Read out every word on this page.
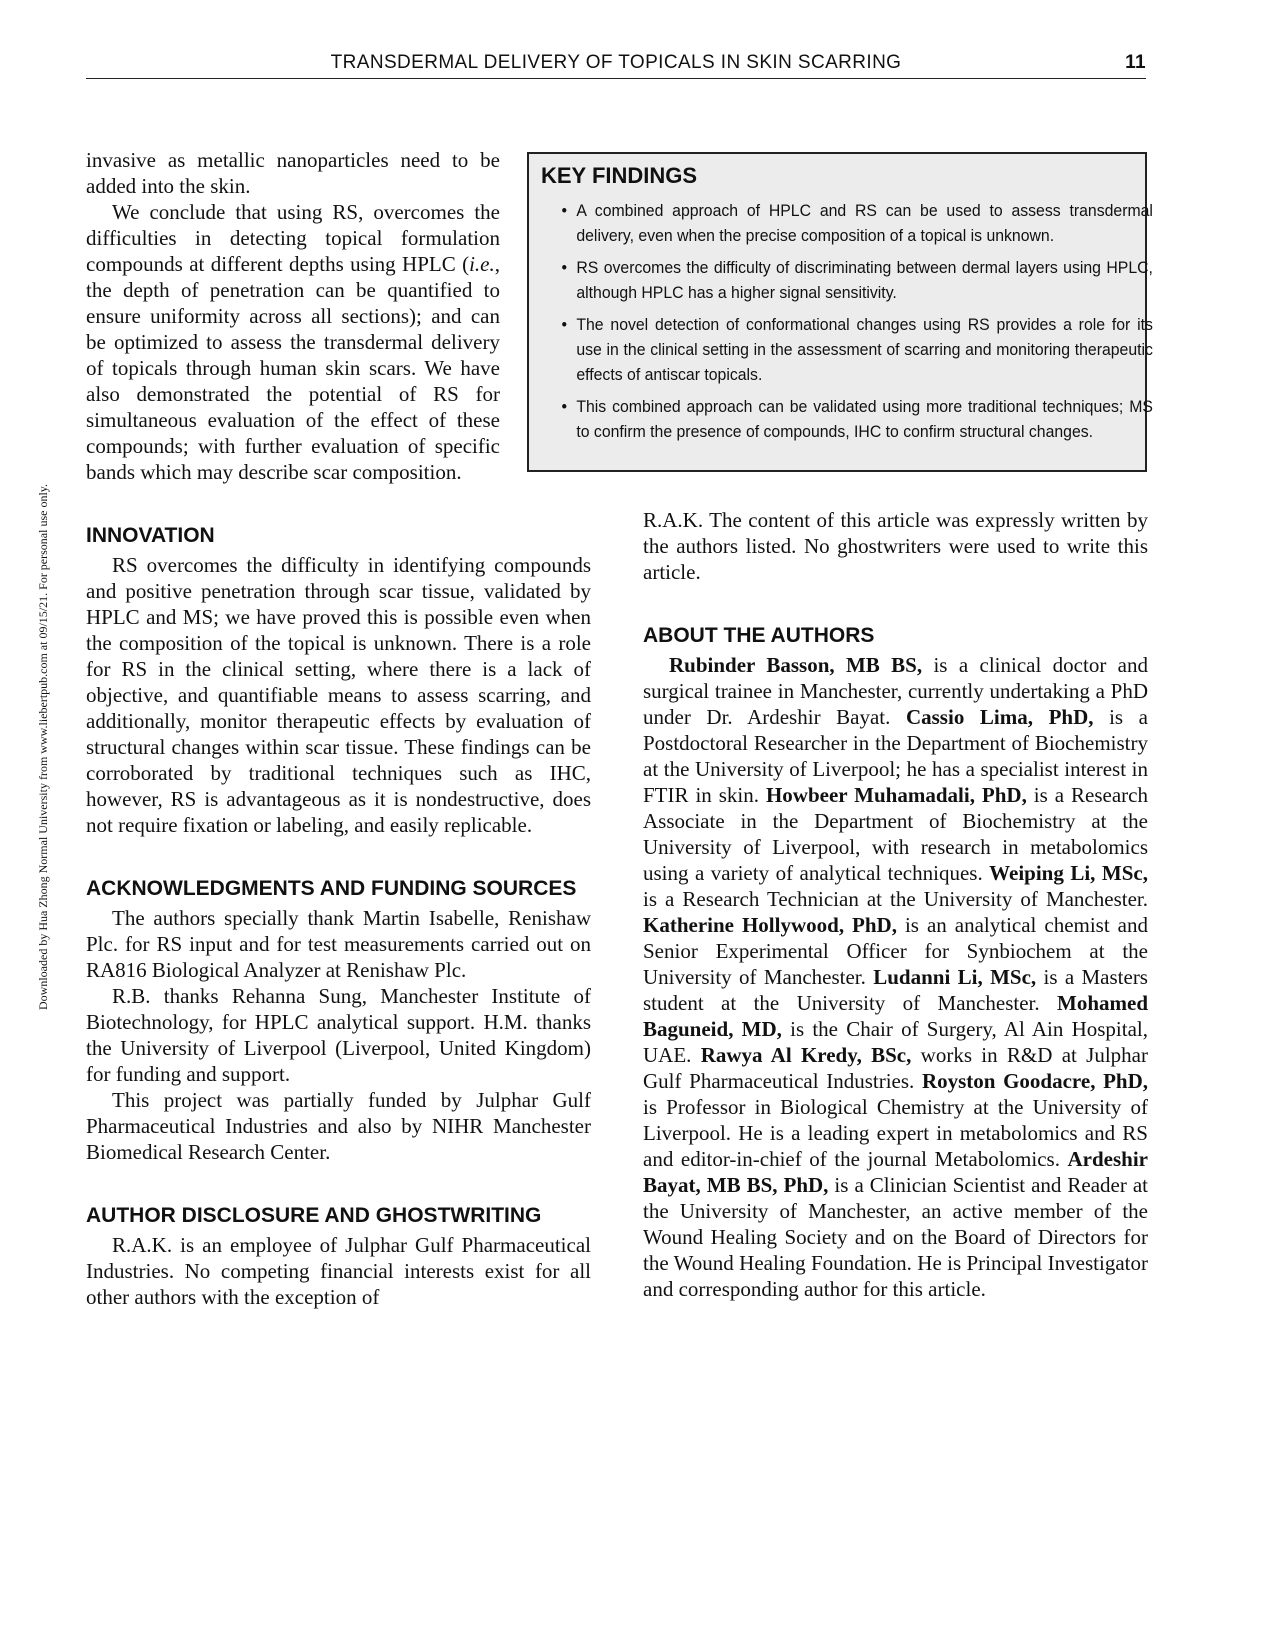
TRANSDERMAL DELIVERY OF TOPICALS IN SKIN SCARRING	11
Downloaded by Hua Zhong Normal University from www.liebertpub.com at 09/15/21. For personal use only.
KEY FINDINGS
• A combined approach of HPLC and RS can be used to assess transdermal delivery, even when the precise composition of a topical is unknown.
• RS overcomes the difficulty of discriminating between dermal layers using HPLC, although HPLC has a higher signal sensitivity.
• The novel detection of conformational changes using RS provides a role for its use in the clinical setting in the assessment of scarring and monitoring therapeutic effects of antiscar topicals.
• This combined approach can be validated using more traditional techniques; MS to confirm the presence of compounds, IHC to confirm structural changes.

invasive as metallic nanoparticles need to be added into the skin.

We conclude that using RS, overcomes the difficulties in detecting topical formulation compounds at different depths using HPLC (i.e., the depth of penetration can be quantified to ensure uniformity across all sections); and can be optimized to assess the transdermal delivery of topicals through human skin scars. We have also demonstrated the potential of RS for simultaneous evaluation of the effect of these compounds; with further evaluation of specific bands which may describe scar composition.

INNOVATION

RS overcomes the difficulty in identifying compounds and positive penetration through scar tissue, validated by HPLC and MS; we have proved this is possible even when the composition of the topical is unknown. There is a role for RS in the clinical setting, where there is a lack of objective, and quantifiable means to assess scarring, and additionally, monitor therapeutic effects by evaluation of structural changes within scar tissue. These findings can be corroborated by traditional techniques such as IHC, however, RS is advantageous as it is nondestructive, does not require fixation or labeling, and easily replicable.

ACKNOWLEDGMENTS AND FUNDING SOURCES

The authors specially thank Martin Isabelle, Renishaw Plc. for RS input and for test measurements carried out on RA816 Biological Analyzer at Renishaw Plc.

R.B. thanks Rehanna Sung, Manchester Institute of Biotechnology, for HPLC analytical support. H.M. thanks the University of Liverpool (Liverpool, United Kingdom) for funding and support.

This project was partially funded by Julphar Gulf Pharmaceutical Industries and also by NIHR Manchester Biomedical Research Center.

AUTHOR DISCLOSURE AND GHOSTWRITING

R.A.K. is an employee of Julphar Gulf Pharmaceutical Industries. No competing financial interests exist for all other authors with the exception of

R.A.K. The content of this article was expressly written by the authors listed. No ghostwriters were used to write this article.

ABOUT THE AUTHORS

Rubinder Basson, MB BS, is a clinical doctor and surgical trainee in Manchester, currently undertaking a PhD under Dr. Ardeshir Bayat. Cassio Lima, PhD, is a Postdoctoral Researcher in the Department of Biochemistry at the University of Liverpool; he has a specialist interest in FTIR in skin. Howbeer Muhamadali, PhD, is a Research Associate in the Department of Biochemistry at the University of Liverpool, with research in metabolomics using a variety of analytical techniques. Weiping Li, MSc, is a Research Technician at the University of Manchester. Katherine Hollywood, PhD, is an analytical chemist and Senior Experimental Officer for Synbiochem at the University of Manchester. Ludanni Li, MSc, is a Masters student at the University of Manchester. Mohamed Baguneid, MD, is the Chair of Surgery, Al Ain Hospital, UAE. Rawya Al Kredy, BSc, works in R&D at Julphar Gulf Pharmaceutical Industries. Royston Goodacre, PhD, is Professor in Biological Chemistry at the University of Liverpool. He is a leading expert in metabolomics and RS and editor-in-chief of the journal Metabolomics. Ardeshir Bayat, MB BS, PhD, is a Clinician Scientist and Reader at the University of Manchester, an active member of the Wound Healing Society and on the Board of Directors for the Wound Healing Foundation. He is Principal Investigator and corresponding author for this article.
